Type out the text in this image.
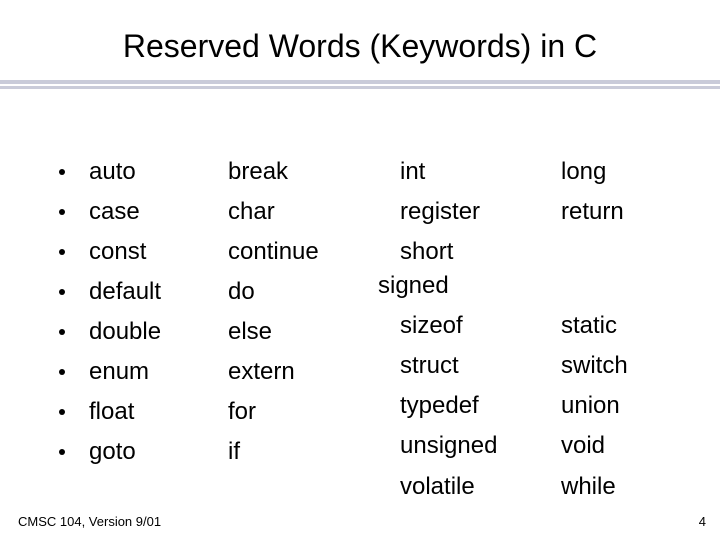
Reserved Words (Keywords) in C
auto
case
const
default
double
enum
float
goto
break
char
continue
do
else
extern
for
if
int
register
short
signed
sizeof
struct
typedef
unsigned
volatile
long
return
static
switch
union
void
while
CMSC 104, Version 9/01	4
